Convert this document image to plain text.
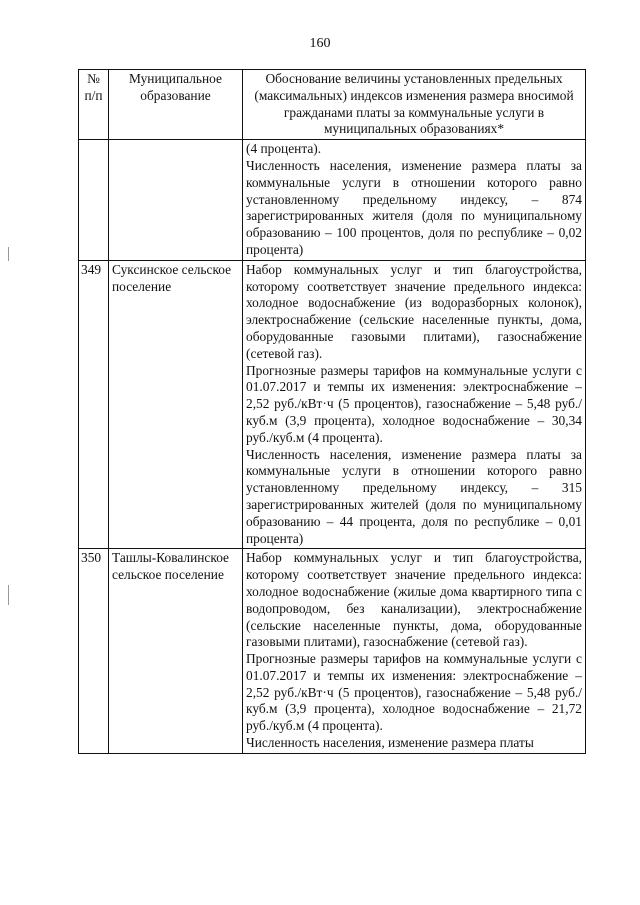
160
№ п/п	Муниципальное образование	Обоснование величины установленных предельных (максимальных) индексов изменения размера вносимой гражданами платы за коммунальные услуги в муниципальных образованиях*

		(4 процента).
Численность населения, изменение размера платы за коммунальные услуги в отношении которого равно установленному предельному индексу, – 874 зарегистрированных жителя (доля по муниципальному образованию – 100 процентов, доля по республике – 0,02 процента)

349	Суксинское сельское поселение	Набор коммунальных услуг и тип благоустройства, которому соответствует значение предельного индекса: холодное водоснабжение (из водоразборных колонок), электроснабжение (сельские населенные пункты, дома, оборудованные газовыми плитами), газоснабжение (сетевой газ).
Прогнозные размеры тарифов на коммунальные услуги с 01.07.2017 и темпы их изменения: электроснабжение – 2,52 руб./кВт·ч (5 процентов), газоснабжение – 5,48 руб./куб.м (3,9 процента), холодное водоснабжение – 30,34 руб./куб.м (4 процента).
Численность населения, изменение размера платы за коммунальные услуги в отношении которого равно установленному предельному индексу, – 315 зарегистрированных жителей (доля по муниципальному образованию – 44 процента, доля по республике – 0,01 процента)

350	Ташлы-Ковалинское сельское поселение	Набор коммунальных услуг и тип благоустройства, которому соответствует значение предельного индекса: холодное водоснабжение (жилые дома квартирного типа с водопроводом, без канализации), электроснабжение (сельские населенные пункты, дома, оборудованные газовыми плитами), газоснабжение (сетевой газ).
Прогнозные размеры тарифов на коммунальные услуги с 01.07.2017 и темпы их изменения: электроснабжение – 2,52 руб./кВт·ч (5 процентов), газоснабжение – 5,48 руб./куб.м (3,9 процента), холодное водоснабжение – 21,72 руб./куб.м (4 процента).
Численность населения, изменение размера платы
